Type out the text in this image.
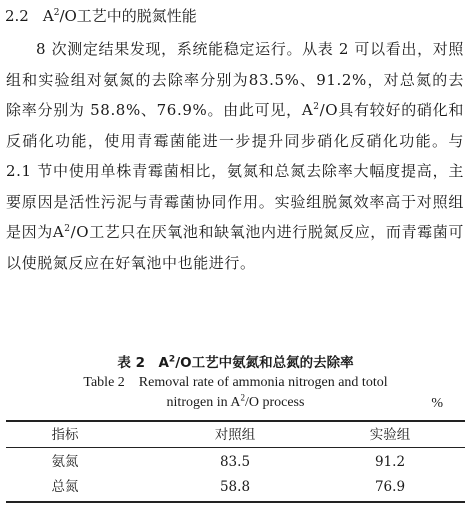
2.2 $A^2/O$工艺中的脱氮性能

8 次测定结果发现，系统能稳定运行。从表 2 可以看出，对照组和实验组对氨氮的去除率分别为83.5%、91.2%，对总氮的去除率分别为 58.8%、76.9%。由此可见，$A^2/O$具有较好的硝化和反硝化功能，使用青霉菌能进一步提升同步硝化反硝化功能。与 2.1 节中使用单株青霉菌相比，氨氮和总氮去除率大幅度提高，主要原因是活性污泥与青霉菌协同作用。实验组脱氮效率高于对照组是因为$A^2/O$工艺只在厌氧池和缺氧池内进行脱氮反应，而青霉菌可以使脱氮反应在好氧池中也能进行。

表 2　$A^2/O$工艺中氨氮和总氮的去除率
Table 2　Removal rate of ammonia nitrogen and totol
nitrogen in $A^2/O$ process	%
指标	对照组	实验组
氨氮	83.5	91.2
总氮	58.8	76.9
